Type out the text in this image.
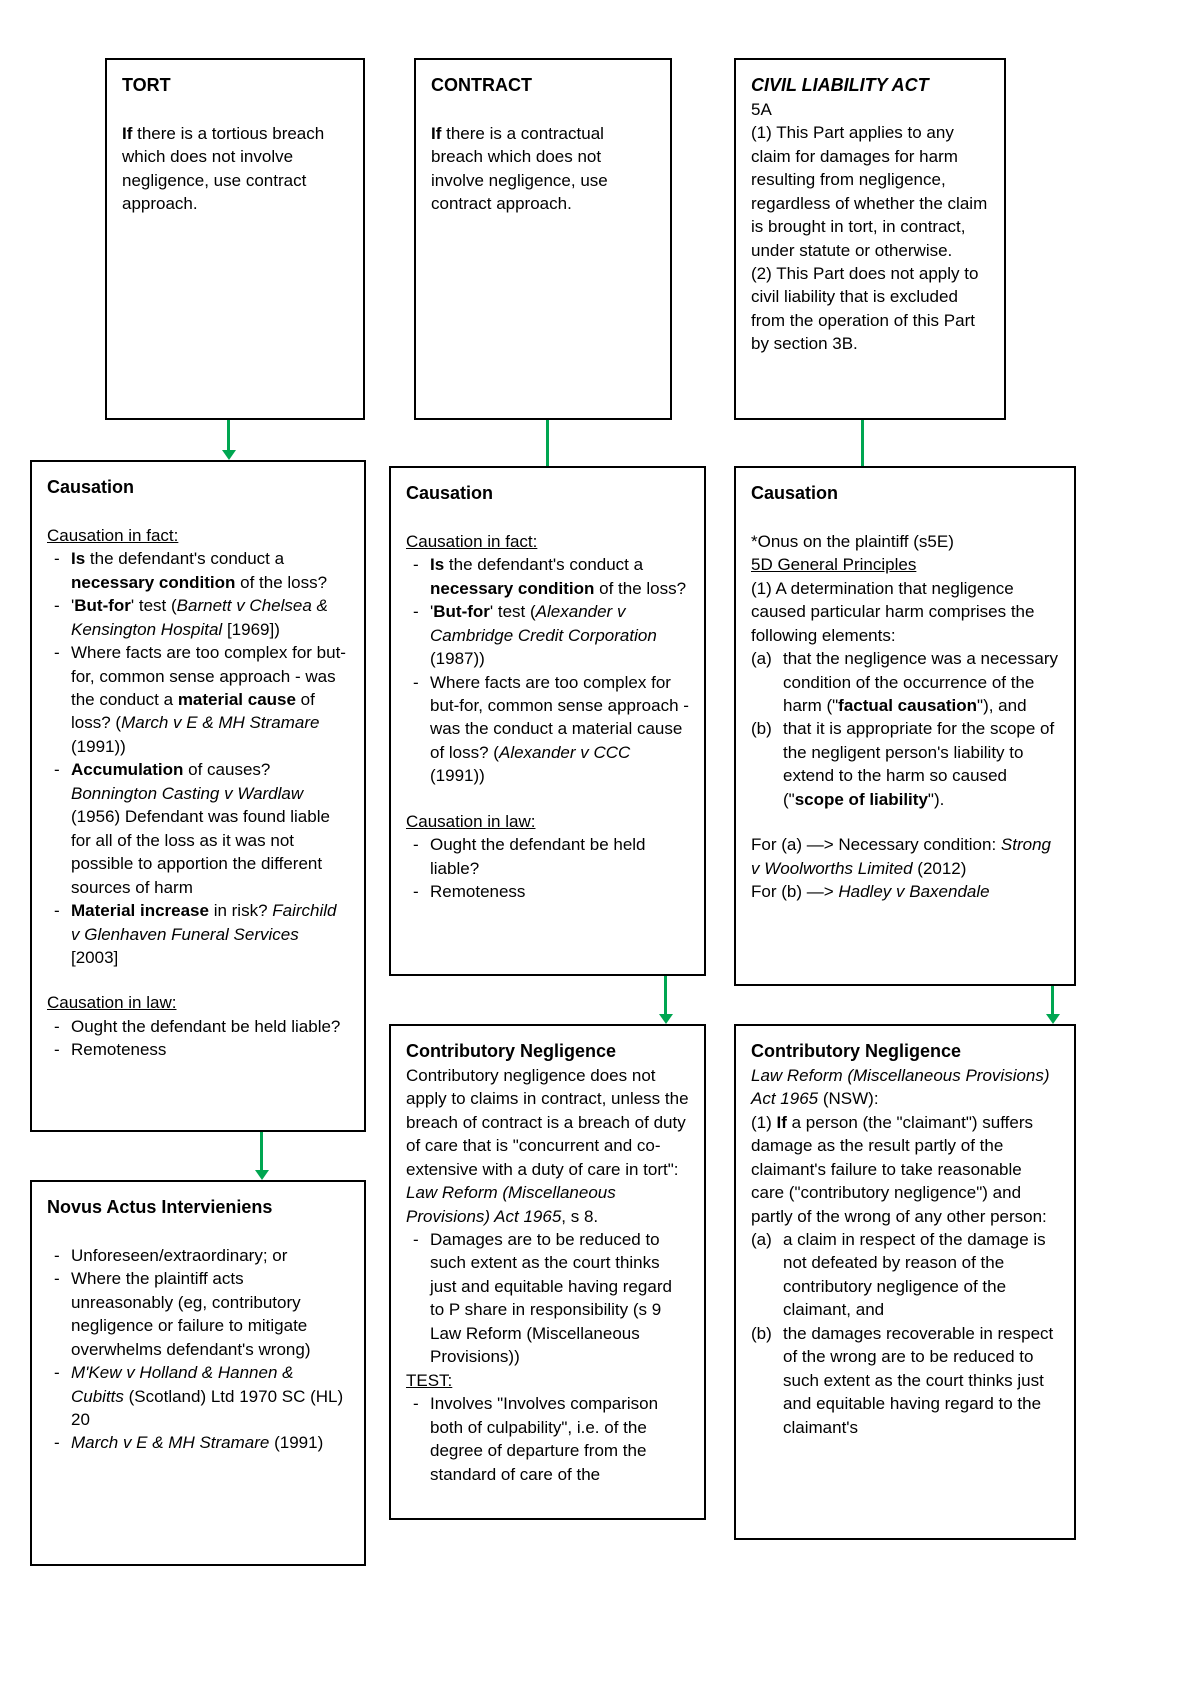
TORT

If there is a tortious breach which does not involve negligence, use contract approach.

CONTRACT

If there is a contractual breach which does not involve negligence, use contract approach.

CIVIL LIABILITY ACT

5A

(1) This Part applies to any claim for damages for harm resulting from negligence, regardless of whether the claim is brought in tort, in contract, under statute or otherwise.

(2) This Part does not apply to civil liability that is excluded from the operation of this Part by section 3B.

Causation

Causation in fact:

- Is the defendant's conduct a necessary condition of the loss?
- 'But-for' test (Barnett v Chelsea & Kensington Hospital [1969])
- Where facts are too complex for but-for, common sense approach - was the conduct a material cause of loss? (March v E & MH Stramare (1991))
- Accumulation of causes? Bonnington Casting v Wardlaw (1956) Defendant was found liable for all of the loss as it was not possible to apportion the different sources of harm
- Material increase in risk? Fairchild v Glenhaven Funeral Services [2003]

Causation in law:

- Ought the defendant be held liable?
- Remoteness

Causation

Causation in fact:

- Is the defendant's conduct a necessary condition of the loss?
- 'But-for' test (Alexander v Cambridge Credit Corporation (1987))
- Where facts are too complex for but-for, common sense approach - was the conduct a material cause of loss? (Alexander v CCC (1991))

Causation in law:

- Ought the defendant be held liable?
- Remoteness

Causation

*Onus on the plaintiff (s5E)

5D General Principles

(1) A determination that negligence caused particular harm comprises the following elements:

(a) that the negligence was a necessary condition of the occurrence of the harm ("factual causation"), and
(b) that it is appropriate for the scope of the negligent person's liability to extend to the harm so caused ("scope of liability").

For (a) —> Necessary condition: Strong v Woolworths Limited (2012)

For (b) —> Hadley v Baxendale

Novus Actus Intervieniens

- Unforeseen/extraordinary; or
- Where the plaintiff acts unreasonably (eg, contributory negligence or failure to mitigate overwhelms defendant's wrong)
- M'Kew v Holland & Hannen & Cubitts (Scotland) Ltd 1970 SC (HL) 20
- March v E & MH Stramare (1991)

Contributory Negligence

Contributory negligence does not apply to claims in contract, unless the breach of contract is a breach of duty of care that is "concurrent and co-extensive with a duty of care in tort": Law Reform (Miscellaneous Provisions) Act 1965, s 8.

- Damages are to be reduced to such extent as the court thinks just and equitable having regard to P share in responsibility (s 9 Law Reform (Miscellaneous Provisions))

TEST:

- Involves "Involves comparison both of culpability", i.e. of the degree of departure from the standard of care of the

Contributory Negligence

Law Reform (Miscellaneous Provisions) Act 1965 (NSW):

(1) If a person (the "claimant") suffers damage as the result partly of the claimant's failure to take reasonable care ("contributory negligence") and partly of the wrong of any other person:

(a) a claim in respect of the damage is not defeated by reason of the contributory negligence of the claimant, and
(b) the damages recoverable in respect of the wrong are to be reduced to such extent as the court thinks just and equitable having regard to the claimant's
